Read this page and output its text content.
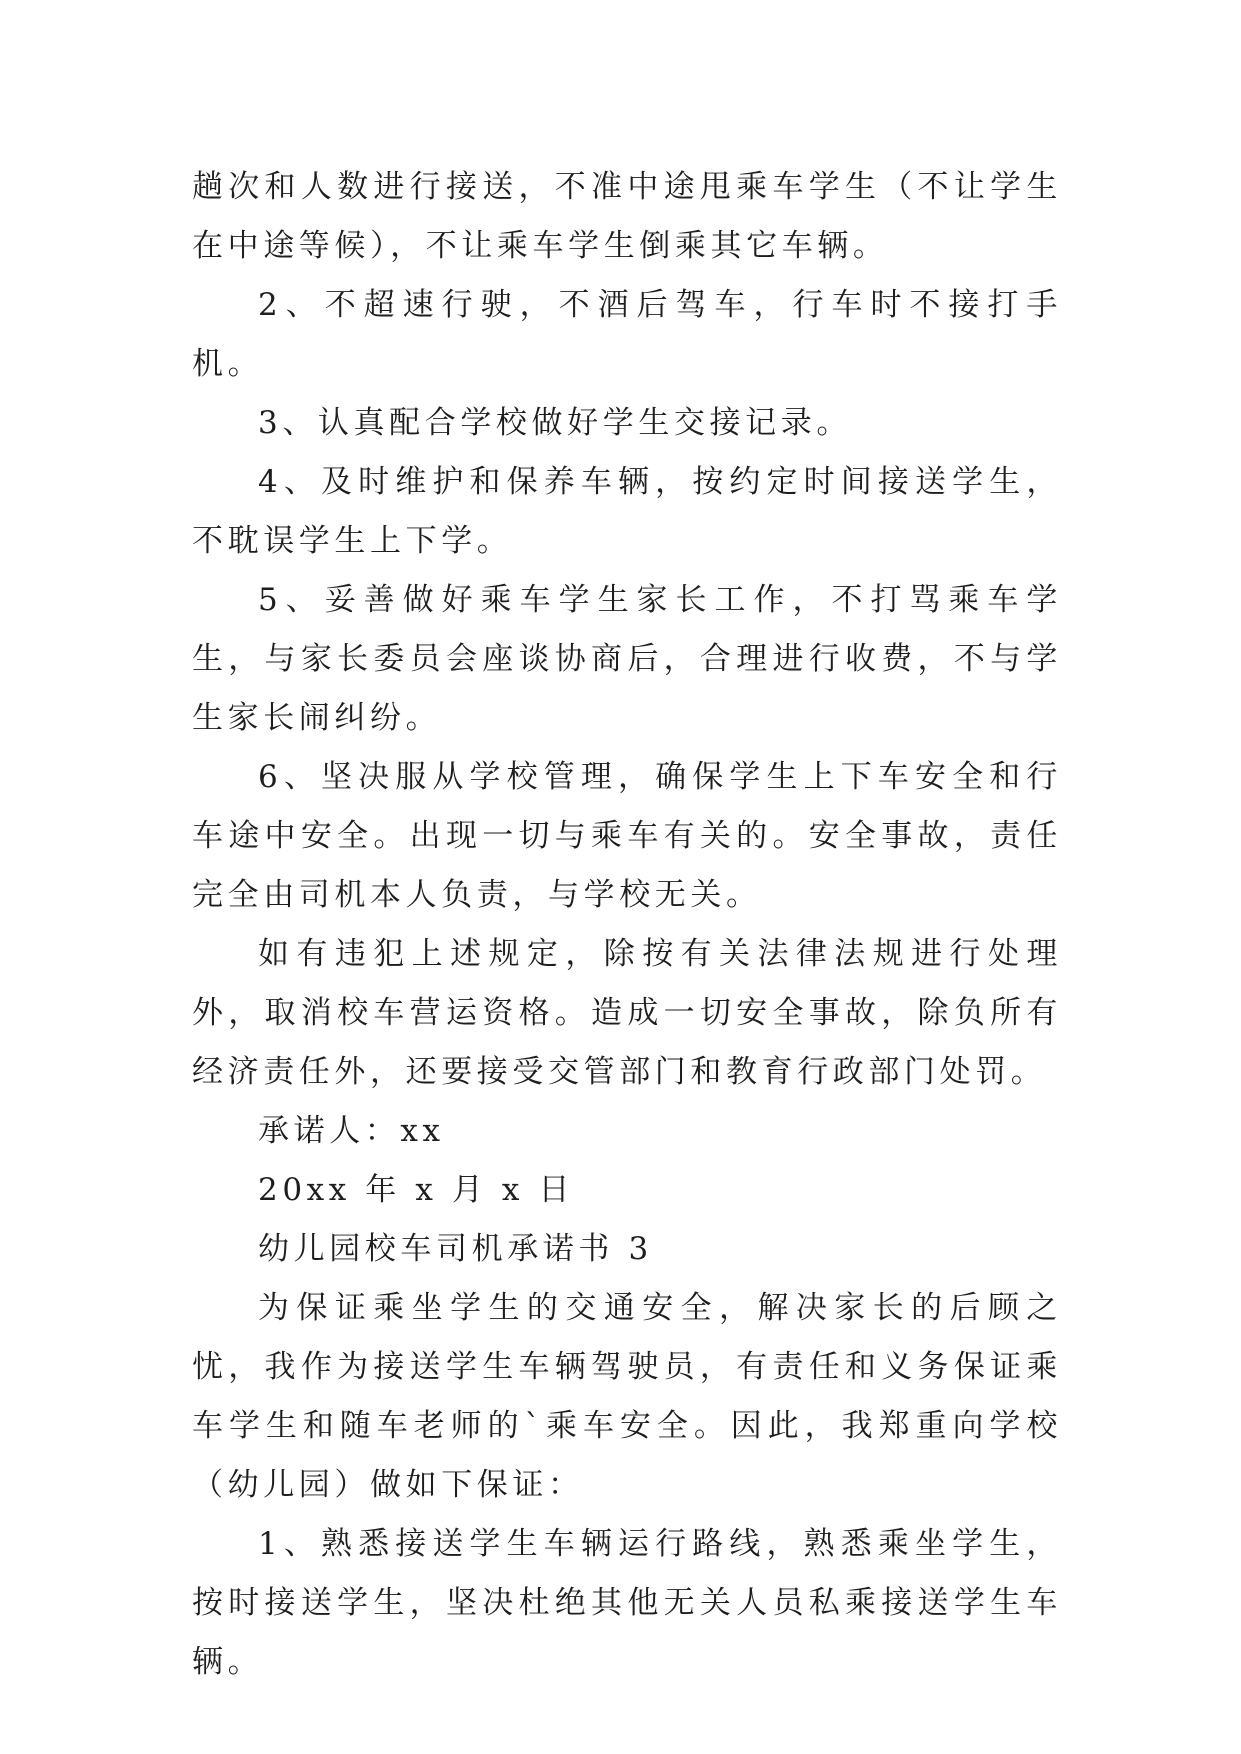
趟次和人数进行接送，不准中途甩乘车学生（不让学生在中途等候），不让乘车学生倒乘其它车辆。

2、不超速行驶，不酒后驾车，行车时不接打手机。

3、认真配合学校做好学生交接记录。

4、及时维护和保养车辆，按约定时间接送学生，不耽误学生上下学。

5、妥善做好乘车学生家长工作，不打骂乘车学生，与家长委员会座谈协商后，合理进行收费，不与学生家长闹纠纷。

6、坚决服从学校管理，确保学生上下车安全和行车途中安全。出现一切与乘车有关的。安全事故，责任完全由司机本人负责，与学校无关。

如有违犯上述规定，除按有关法律法规进行处理外，取消校车营运资格。造成一切安全事故，除负所有经济责任外，还要接受交管部门和教育行政部门处罚。

承诺人：xx

20xx 年 x 月 x 日

幼儿园校车司机承诺书 3

为保证乘坐学生的交通安全，解决家长的后顾之忧，我作为接送学生车辆驾驶员，有责任和义务保证乘车学生和随车老师的`乘车安全。因此，我郑重向学校（幼儿园）做如下保证：

1、熟悉接送学生车辆运行路线，熟悉乘坐学生，按时接送学生，坚决杜绝其他无关人员私乘接送学生车辆。
